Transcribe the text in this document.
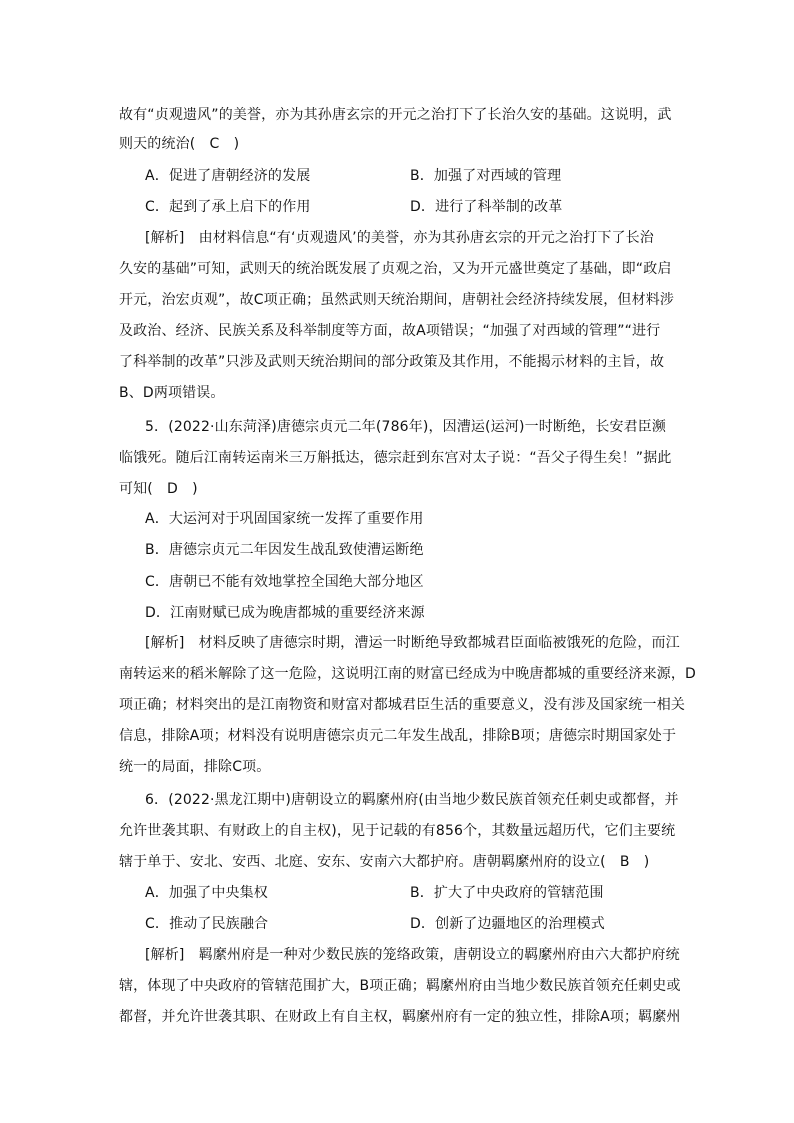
故有“贞观遗风”的美誉，亦为其孙唐玄宗的开元之治打下了长治久安的基础。这说明，武
则天的统治(　C　)
A．促进了唐朝经济的发展	B．加强了对西域的管理
C．起到了承上启下的作用	D．进行了科举制的改革
[解析]　由材料信息“有‘贞观遗风’的美誉，亦为其孙唐玄宗的开元之治打下了长治
久安的基础”可知，武则天的统治既发展了贞观之治，又为开元盛世奠定了基础，即“政启
开元，治宏贞观”，故C项正确；虽然武则天统治期间，唐朝社会经济持续发展，但材料涉
及政治、经济、民族关系及科举制度等方面，故A项错误；“加强了对西域的管理”“进行
了科举制的改革”只涉及武则天统治期间的部分政策及其作用，不能揭示材料的主旨，故
B、D两项错误。
5．(2022·山东菏泽)唐德宗贞元二年(786年)，因漕运(运河)一时断绝，长安君臣濒
临饿死。随后江南转运南米三万斛抵达，德宗赶到东宫对太子说：“吾父子得生矣！”据此
可知(　D　)
A．大运河对于巩固国家统一发挥了重要作用
B．唐德宗贞元二年因发生战乱致使漕运断绝
C．唐朝已不能有效地掌控全国绝大部分地区
D．江南财赋已成为晚唐都城的重要经济来源
[解析]　材料反映了唐德宗时期，漕运一时断绝导致都城君臣面临被饿死的危险，而江
南转运来的稻米解除了这一危险，这说明江南的财富已经成为中晚唐都城的重要经济来源，D
项正确；材料突出的是江南物资和财富对都城君臣生活的重要意义，没有涉及国家统一相关
信息，排除A项；材料没有说明唐德宗贞元二年发生战乱，排除B项；唐德宗时期国家处于
统一的局面，排除C项。
6．(2022·黑龙江期中)唐朝设立的羁縻州府(由当地少数民族首领充任刺史或都督，并
允许世袭其职、有财政上的自主权)，见于记载的有856个，其数量远超历代，它们主要统
辖于单于、安北、安西、北庭、安东、安南六大都护府。唐朝羁縻州府的设立(　B　)
A．加强了中央集权	B．扩大了中央政府的管辖范围
C．推动了民族融合	D．创新了边疆地区的治理模式
[解析]　羁縻州府是一种对少数民族的笼络政策，唐朝设立的羁縻州府由六大都护府统
辖，体现了中央政府的管辖范围扩大，B项正确；羁縻州府由当地少数民族首领充任刺史或
都督，并允许世袭其职、在财政上有自主权，羁縻州府有一定的独立性，排除A项；羁縻州
